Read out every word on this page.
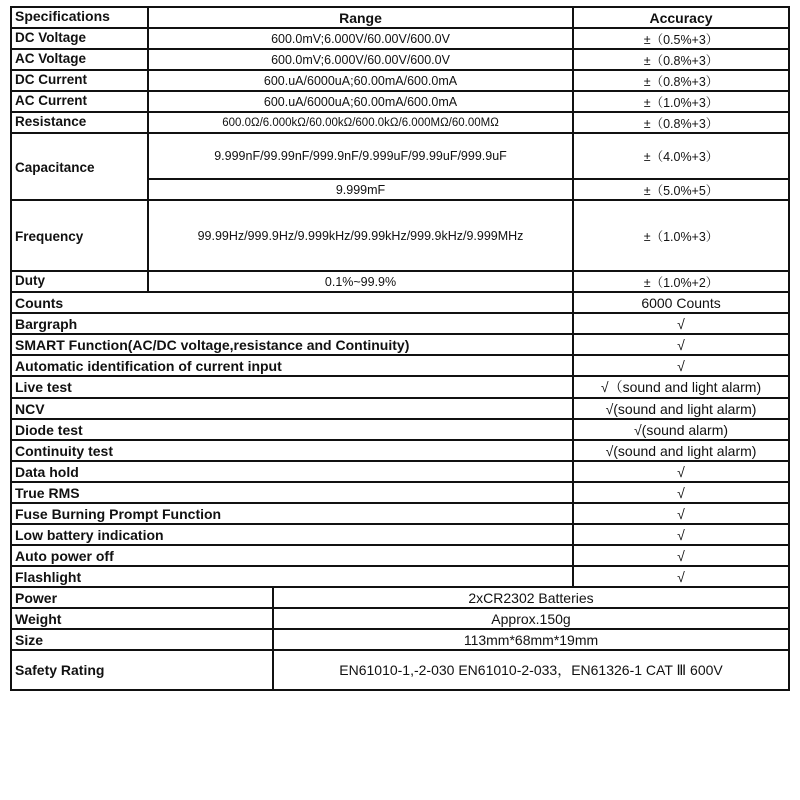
Specifications	Range		Accuracy
DC Voltage	600.0mV;6.000V/60.00V/600.0V		±（0.5%+3）
AC Voltage	600.0mV;6.000V/60.00V/600.0V		±（0.8%+3）
DC Current	600.uA/6000uA;60.00mA/600.0mA		±（0.8%+3）
AC Current	600.uA/6000uA;60.00mA/600.0mA		±（1.0%+3）
Resistance	600.0Ω/6.000kΩ/60.00kΩ/600.0kΩ/6.000MΩ/60.00MΩ		±（0.8%+3）
Capacitance	9.999nF/99.99nF/999.9nF/9.999uF/99.99uF/999.9uF		±（4.0%+3）
	9.999mF		±（5.0%+5）
Frequency	99.99Hz/999.9Hz/9.999kHz/99.99kHz/999.9kHz/9.999MHz		±（1.0%+3）
Duty	0.1%~99.9%		±（1.0%+2）
Counts			6000 Counts
Bargraph			√
SMART Function(AC/DC voltage,resistance and Continuity)			√
Automatic identification of current input			√
Live test			√（sound and light alarm)
NCV			√(sound and light alarm)
Diode test			√(sound alarm)
Continuity test			√(sound and light alarm)
Data hold			√
True RMS			√
Fuse Burning Prompt Function			√
Low battery indication			√
Auto power off			√
Flashlight			√
Power		2xCR2302 Batteries	
Weight		Approx.150g	
Size		113mm*68mm*19mm	
Safety Rating		EN61010-1,-2-030 EN61010-2-033，EN61326-1 CAT Ⅲ 600V	
